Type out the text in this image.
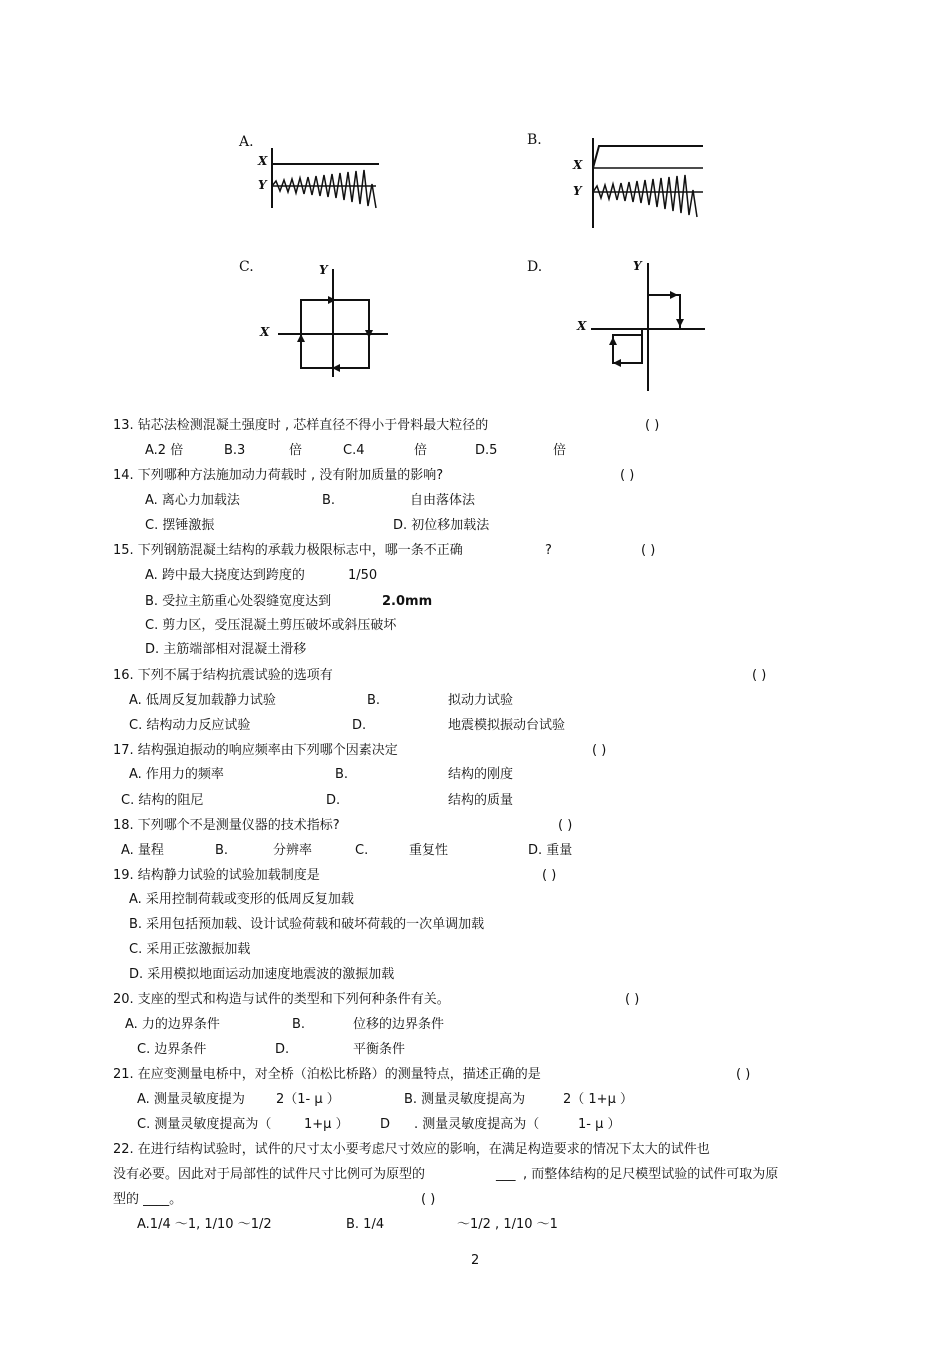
A.
X
Y
B.
X
Y
C.	Y
X
D.	Y
X
13. 钻芯法检测混凝土强度时 , 芯样直径不得小于骨料最大粒径的	( )
A.2 倍	B.3	倍	C.4	倍	D.5	倍
14. 下列哪种方法施加动力荷载时 , 没有附加质量的影响?	( )
A. 离心力加载法	B.	自由落体法
C. 摆锤激振	D. 初位移加载法
15. 下列钢筋混凝土结构的承载力极限标志中，哪一条不正确	?	( )
A. 跨中最大挠度达到跨度的	1/50
B. 受拉主筋重心处裂缝宽度达到	2.0mm
C. 剪力区，受压混凝土剪压破坏或斜压破坏
D. 主筋端部相对混凝土滑移
16. 下列不属于结构抗震试验的选项有	( )
A. 低周反复加载静力试验	B.	拟动力试验
C. 结构动力反应试验	D.	地震模拟振动台试验
17. 结构强迫振动的响应频率由下列哪个因素决定	( )
A. 作用力的频率	B.	结构的刚度
C. 结构的阻尼	D.	结构的质量
18. 下列哪个不是测量仪器的技术指标?	( )
A. 量程	B.	分辨率	C.	重复性	D. 重量
19. 结构静力试验的试验加载制度是	( )
A. 采用控制荷载或变形的低周反复加载
B. 采用包括预加载、设计试验荷载和破坏荷载的一次单调加载
C. 采用正弦激振加载
D. 采用模拟地面运动加速度地震波的激振加载
20. 支座的型式和构造与试件的类型和下列何种条件有关。	( )
A. 力的边界条件	B.	位移的边界条件
C. 边界条件	D.	平衡条件
21. 在应变测量电桥中，对全桥（泊松比桥路）的测量特点，描述正确的是	( )
A. 测量灵敏度提为 2（1- μ ）	B. 测量灵敏度提高为	2（ 1+μ ）
C. 测量灵敏度提高为（	1+μ ） D . 测量灵敏度提高为（	1- μ ）
22. 在进行结构试验时，试件的尺寸太小要考虑尺寸效应的影响，在满足构造要求的情况下太大的试件也
没有必要。因此对于局部性的试件尺寸比例可为原型的	___ , 而整体结构的足尺模型试验的试件可取为原
型的 ____。	( )
A.1/4 ～1, 1/10 ～1/2	B. 1/4	～1/2 , 1/10 ～1
2
